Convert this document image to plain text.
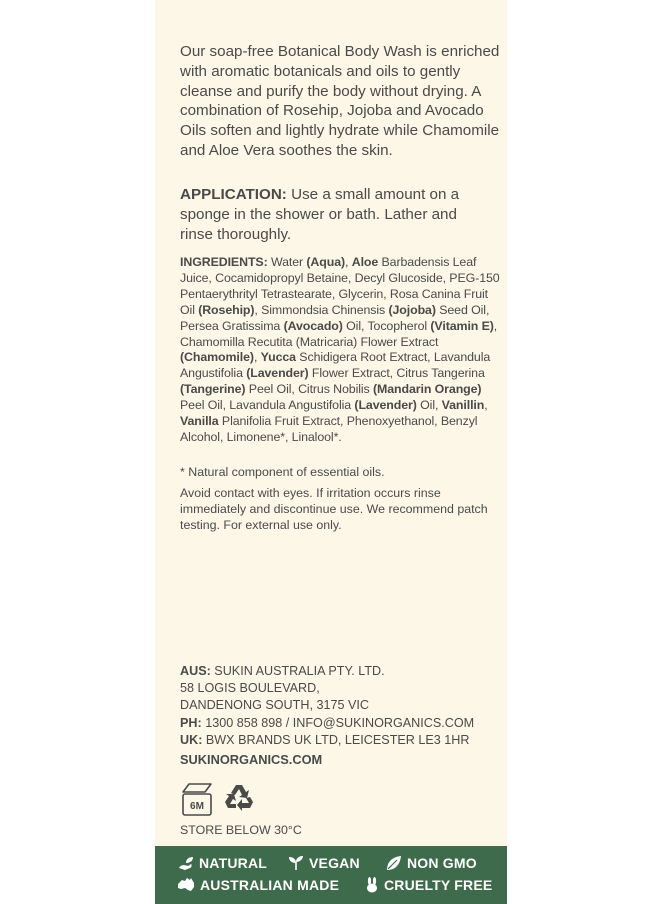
Our soap-free Botanical Body Wash is enriched with aromatic botanicals and oils to gently cleanse and purify the body without drying. A combination of Rosehip, Jojoba and Avocado Oils soften and lightly hydrate while Chamomile and Aloe Vera soothes the skin.
APPLICATION: Use a small amount on a sponge in the shower or bath. Lather and rinse thoroughly.
INGREDIENTS: Water (Aqua), Aloe Barbadensis Leaf Juice, Cocamidopropyl Betaine, Decyl Glucoside, PEG-150 Pentaerythrityl Tetrastearate, Glycerin, Rosa Canina Fruit Oil (Rosehip), Simmondsia Chinensis (Jojoba) Seed Oil, Persea Gratissima (Avocado) Oil, Tocopherol (Vitamin E), Chamomilla Recutita (Matricaria) Flower Extract (Chamomile), Yucca Schidigera Root Extract, Lavandula Angustifolia (Lavender) Flower Extract, Citrus Tangerina (Tangerine) Peel Oil, Citrus Nobilis (Mandarin Orange) Peel Oil, Lavandula Angustifolia (Lavender) Oil, Vanillin, Vanilla Planifolia Fruit Extract, Phenoxyethanol, Benzyl Alcohol, Limonene*, Linalool*.
* Natural component of essential oils.
Avoid contact with eyes. If irritation occurs rinse immediately and discontinue use. We recommend patch testing. For external use only.
AUS: SUKIN AUSTRALIA PTY. LTD.
58 LOGIS BOULEVARD,
DANDENONG SOUTH, 3175 VIC
PH: 1300 858 898 / INFO@SUKINORGANICS.COM
UK: BWX BRANDS UK LTD, LEICESTER LE3 1HR
SUKINORGANICS.COM
6M
STORE BELOW 30°C
NATURAL	VEGAN	NON GMO
AUSTRALIAN MADE	CRUELTY FREE
